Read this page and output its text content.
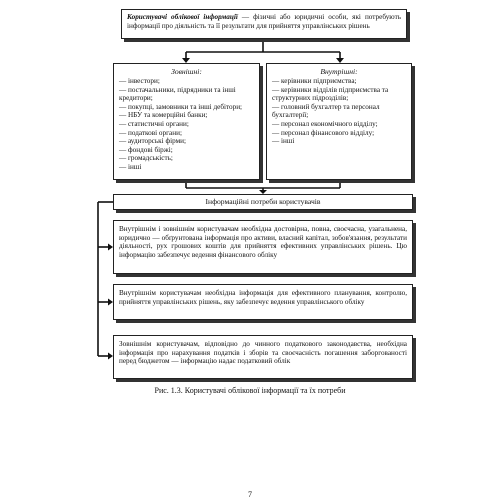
Користувачі облікової інформації — фізичні або юридичні особи, які потребують інформації про діяльність та її результати для прийняття управлінських рішень
Зовнішні:
— інвестори;
— постачальники, підрядники та інші кредитори;
— покупці, замовники та інші дебітори;
— НБУ та комерційні банки;
— статистичні органи;
— податкові органи;
— аудиторські фірми;
— фондові біржі;
— громадськість;
— інші
Внутрішні:
— керівники підприємства;
— керівники відділів підприємства та структурних підрозділів;
— головний бухгалтер та персонал бухгалтерії;
— персонал економічного відділу;
— персонал фінансового відділу;
— інші
Інформаційні потреби користувачів
Внутрішнім і зовнішнім користувачам необхідна достовірна, повна, своєчасна, узагальнена, юридично — обґрунтована інформація про активи, власний капітал, зобов'язання, результати діяльності, рух грошових коштів для прийняття ефективних управлінських рішень. Цю інформацію забезпечує ведення фінансового обліку
Внутрішнім користувачам необхідна інформація для ефективного планування, контролю, прийняття управлінських рішень, яку забезпечує ведення управлінського обліку
Зовнішнім користувачам, відповідно до чинного податкового законодавства, необхідна інформація про нарахування податків і зборів та своєчасність погашення заборгованості перед бюджетом — інформацію надає податковий облік
Рис. 1.3. Користувачі облікової інформації та їх потреби
7
